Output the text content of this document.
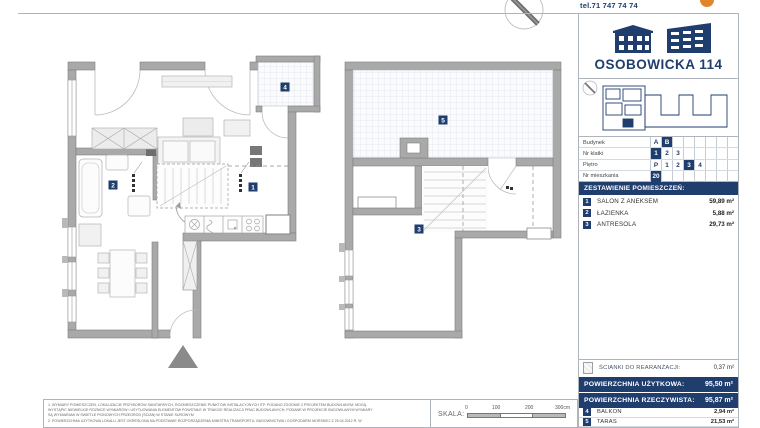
1
2
4
5
3
tel.71 747 74 74
OSOBOWICKA 114
Budynek	A B
Nr klatki	1	2	3
Piętro	P	1	2	3	4
Nr mieszkania	20
ZESTAWIENIE POMIESZCZEŃ:
1	SALON Z ANEKSEM	59,89 m²
2	ŁAZIENKA	5,88 m²
3	ANTRESOLA	29,73 m²
ŚCIANKI DO REARANŻACJI:	0,37 m²
POWIERZCHNIA UŻYTKOWA:	95,50 m²
POWIERZCHNIA RZECZYWISTA: 95,87 m²
4	BALKON	2,94 m²
5	TARAS	21,53 m²
1. WYMIARY POMIESZCZEŃ, LOKALIZACJE PRZYBORÓW SANITARNYCH, ROZMIESZCZENIE PUNKTÓW INSTALACYJNYCH ITP. PODANO ZGODNIE Z PROJEKTEM BUDOWLANYM; MOGĄ
WYSTĄPIĆ NIEWIELKIE RÓŻNICE WYMIARÓW I USYTUOWANIA ELEMENTÓW POWSTAŁE W TRAKCIE REALIZACJI PRAC BUDOWLANYCH; PODANE W PROJEKCIE BUDOWLANYM WYMIARY
SĄ WYMIARAMI W ŚWIETLE PIONOWYCH PRZEGRÓD (ŚCIAN) W STANIE SUROWYM
2. POWIERZCHNIA UŻYTKOWA LOKALU JEST OKREŚLONA NA PODSTAWIE ROZPORZĄDZENIA MINISTRA TRANSPORTU, BUDOWNICTWA I GOSPODARKI MORSKIEJ Z 25.04.2012 R. W
SKALA:
0	100	200	300cm
